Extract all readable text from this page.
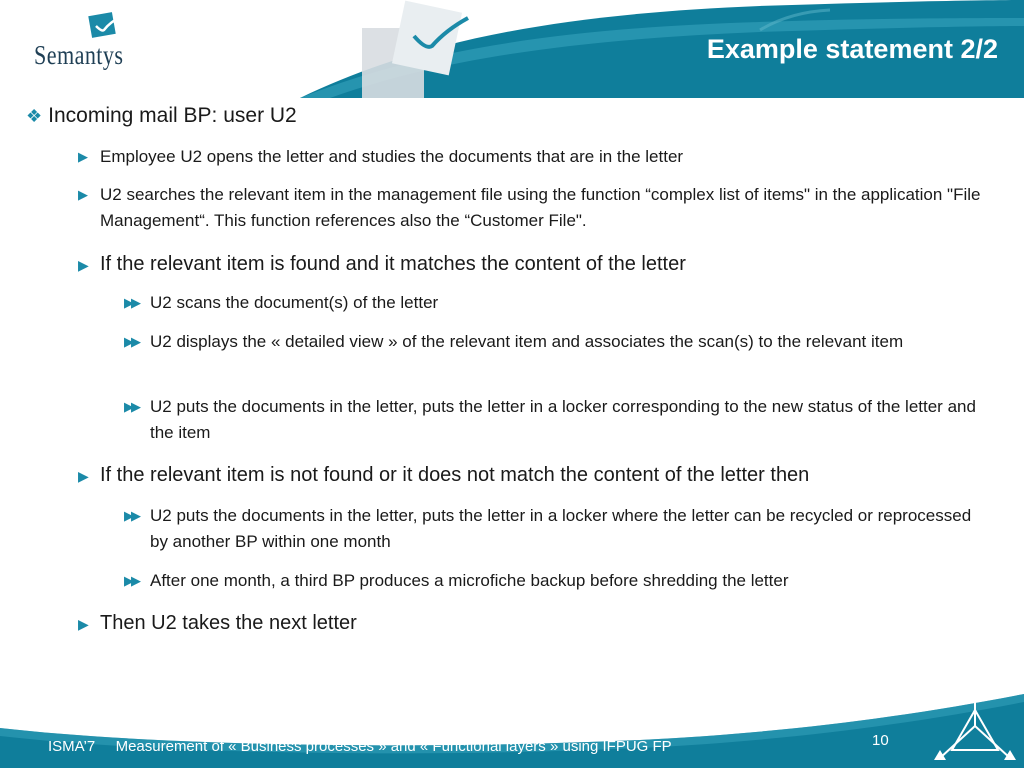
Semantys	Example statement 2/2
❖ Incoming mail BP: user U2
▶ Employee U2 opens the letter and studies the documents that are in the letter
▶ U2 searches the relevant item in the management file using the function “complex list of items" in the application "File Management“. This function references also the “Customer File".
▶ If the relevant item is found and it matches the content of the letter
▶▶ U2 scans the document(s) of the letter
▶▶ U2 displays the « detailed view » of the relevant item and associates the scan(s) to the relevant item
▶▶ U2 puts the documents in the letter, puts the letter in a locker corresponding to the new status of the letter and the item
▶ If the relevant item is not found or it does not match the content of the letter then
▶▶ U2 puts the documents in the letter, puts the letter in a locker where the letter can be recycled or reprocessed by another BP within one month
▶▶ After one month, a third BP produces a microfiche backup before shredding the letter
▶ Then U2 takes the next letter
ISMA’7 Measurement of « Business processes » and « Functional layers » using IFPUG FP	10
